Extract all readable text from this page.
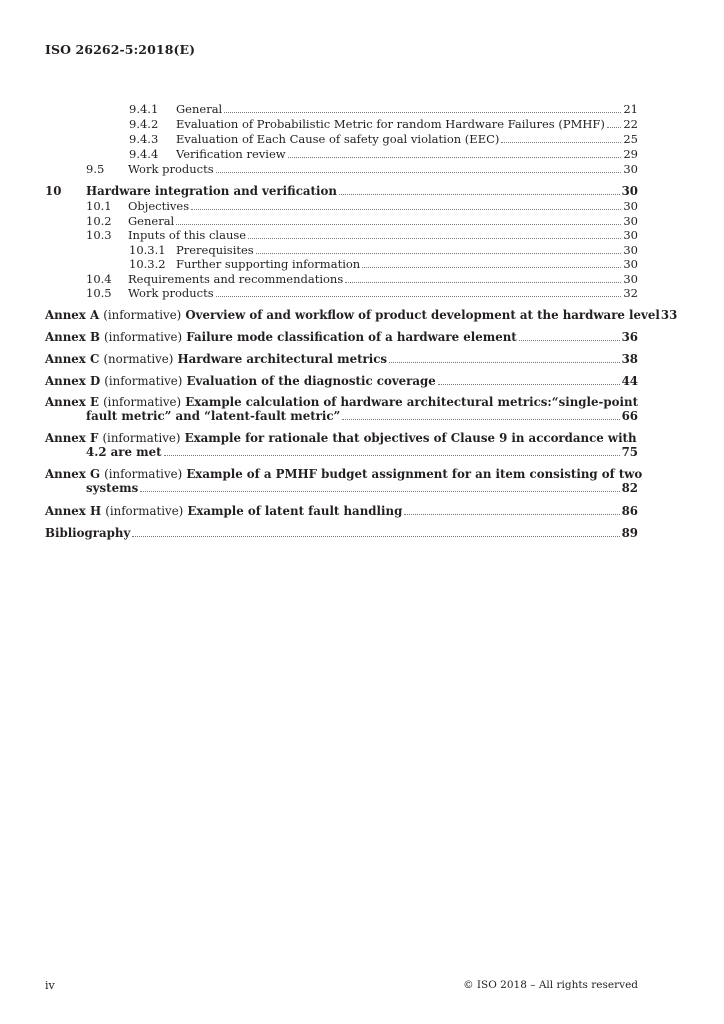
ISO 26262-5:2018(E)
9.4.1 General	21
9.4.2 Evaluation of Probabilistic Metric for random Hardware Failures (PMHF) 22
9.4.3 Evaluation of Each Cause of safety goal violation (EEC)	25
9.4.4 Verification review	29
9.5 Work products	30
10 Hardware integration and verification	30
10.1 Objectives	30
10.2 General	30
10.3 Inputs of this clause	30
10.3.1 Prerequisites	30
10.3.2 Further supporting information	30
10.4 Requirements and recommendations	30
10.5 Work products	32
Annex A (informative) Overview of and workflow of product development at the hardware level 33
Annex B (informative) Failure mode classification of a hardware element	36
Annex C (normative) Hardware architectural metrics	38
Annex D (informative) Evaluation of the diagnostic coverage	44
Annex E (informative) Example calculation of hardware architectural metrics:“single-point
fault metric” and “latent-fault metric”	66
Annex F (informative) Example for rationale that objectives of Clause 9 in accordance with
4.2 are met	75
Annex G (informative) Example of a PMHF budget assignment for an item consisting of two
systems	82
Annex H (informative) Example of latent fault handling	86
Bibliography	89
iv	© ISO 2018 – All rights reserved
